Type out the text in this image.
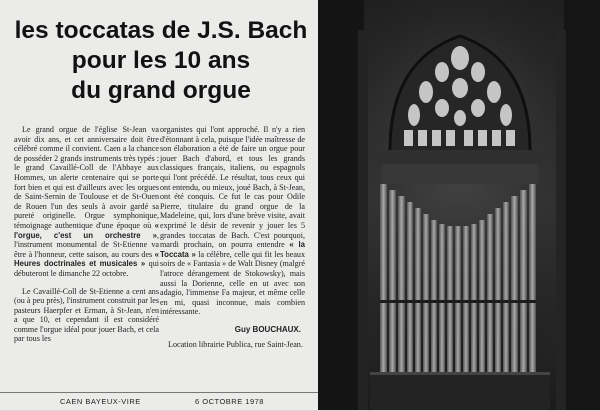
les toccatas de J.S. Bach
pour les 10 ans
du grand orgue

Le grand orgue de l'église St-Jean va avoir dix ans, et cet anniversaire doit être célébré comme il convient. Caen a la chance de posséder 2 grands instruments très typés : le grand Cavaillé-Coll de l'Abbaye aux Hommes, un alerte centenaire qui se porte fort bien et qui est d'ailleurs avec les orgues de Saint-Sernin de Toulouse et de St-Ouen de Rouen l'un des seuls à avoir gardé sa pureté originelle. Orgue symphonique, témoignage authentique d'une époque où « l'orgue, c'est un orchestre », l'instrument monumental de St-Etienne va être à l'honneur, cette saison, au cours des « Heures doctrinales et musicales » qui débuteront le dimanche 22 octobre.

Le Cavaillé-Coll de St-Etienne a cent ans (ou à peu près), l'instrument construit par les pasteurs Haerpfer et Erman, à St-Jean, n'en a que 10, et cependant il est considéré comme l'orgue idéal pour jouer Bach, et cela par tous les

organistes qui l'ont approché. Il n'y a rien d'étonnant à cela, puisque l'idée maîtresse de son élaboration a été de faire un orgue pour jouer Bach d'abord, et tous les grands classiques français, italiens, ou espagnols qui l'ont précédé. Le résultat, tous ceux qui ont entendu, ou mieux, joué Bach, à St-Jean, ont été conquis. Ce fut le cas pour Odile Pierre, titulaire du grand orgue de la Madeleine, qui, lors d'une brève visite, avait exprimé le désir de revenir y jouer les 5 grandes toccatas de Bach. C'est pourquoi, mardi prochain, on pourra entendre « la Toccata » la célèbre, celle qui fit les beaux soirs de « Fantasia » de Walt Disney (malgré l'atroce dérangement de Stokowsky), mais aussi la Dorienne, celle en ut avec son adagio, l'immense Fa majeur, et même celle en mi, quasi inconnue, mais combien intéressante.

Guy BOUCHAUX.

Location librairie Publica, rue Saint-Jean.

CAEN BAYEUX-VIRE	6 OCTOBRE 1978
